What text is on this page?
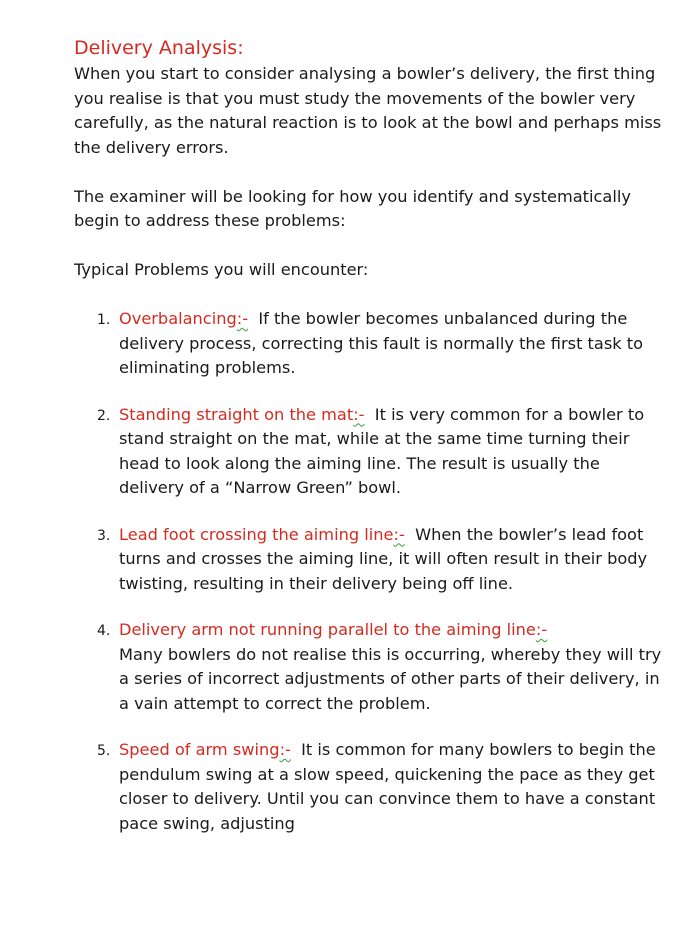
Delivery Analysis:

When you start to consider analysing a bowler’s delivery, the first thing you realise is that you must study the movements of the bowler very carefully, as the natural reaction is to look at the bowl and perhaps miss the delivery errors.

The examiner will be looking for how you identify and systematically begin to address these problems:

Typical Problems you will encounter:

1. Overbalancing:- If the bowler becomes unbalanced during the delivery process, correcting this fault is normally the first task to eliminating problems.
2. Standing straight on the mat:- It is very common for a bowler to stand straight on the mat, while at the same time turning their head to look along the aiming line. The result is usually the delivery of a “Narrow Green” bowl.
3. Lead foot crossing the aiming line:- When the bowler’s lead foot turns and crosses the aiming line, it will often result in their body twisting, resulting in their delivery being off line.
4. Delivery arm not running parallel to the aiming line:-
Many bowlers do not realise this is occurring, whereby they will try a series of incorrect adjustments of other parts of their delivery, in a vain attempt to correct the problem.
5. Speed of arm swing:- It is common for many bowlers to begin the pendulum swing at a slow speed, quickening the pace as they get closer to delivery. Until you can convince them to have a constant pace swing, adjusting
